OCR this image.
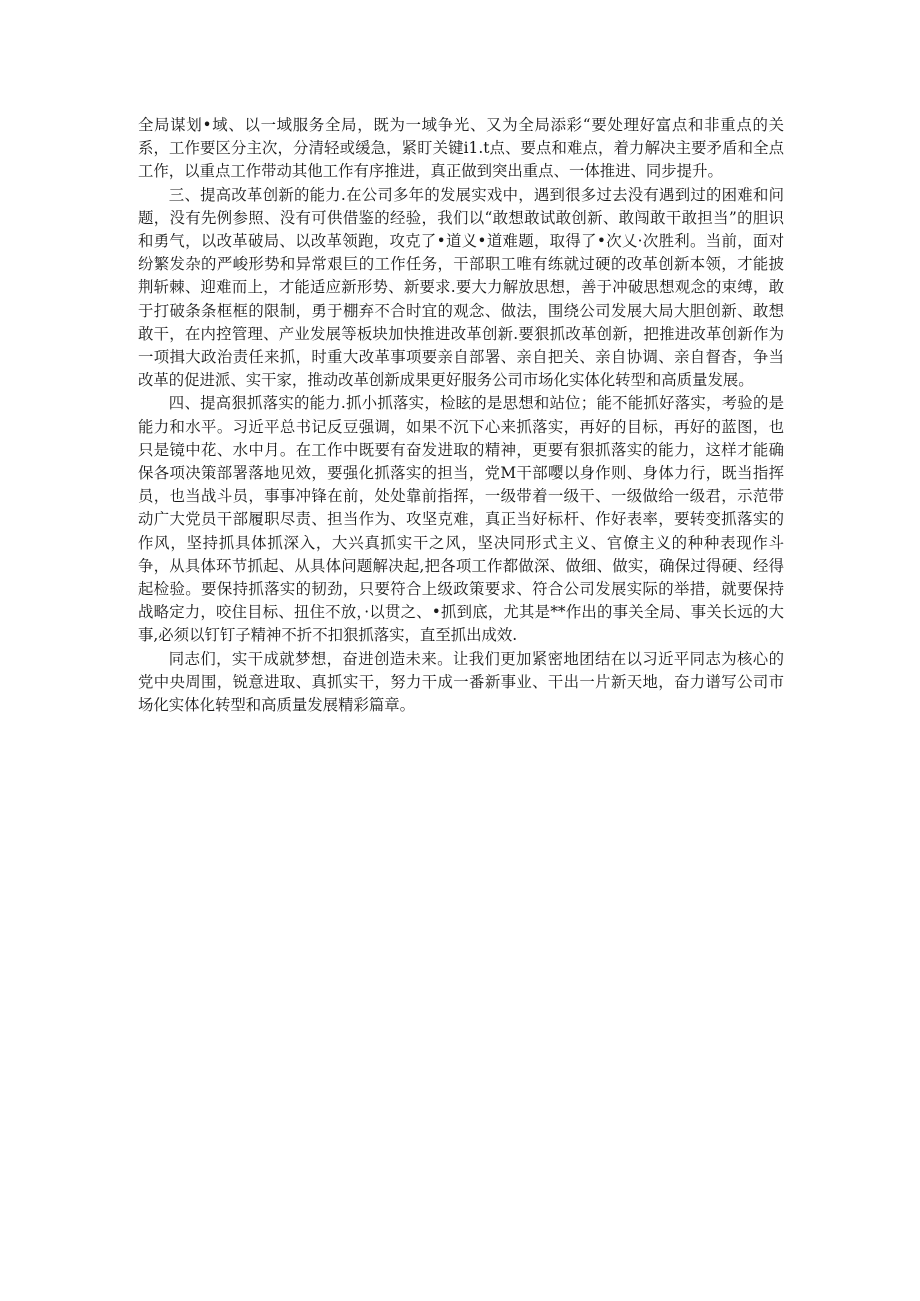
全局谋划•域、以一域服务全局，既为一域争光、又为全局添彩“要处理好富点和非重点的关系，工作要区分主次，分清轻或缓急，紧盯关键i1.t点、要点和难点，着力解决主要矛盾和全点工作，以重点工作带动其他工作有序推进，真正做到突出重点、一体推进、同步提升。

三、提高改革创新的能力.在公司多年的发展实戏中，遇到很多过去没有遇到过的困难和问题，没有先例参照、没有可供借鉴的经验，我们以“敢想敢试敢创新、敢闯敢干敢担当”的胆识和勇气，以改革破局、以改革领跑，攻克了•道义•道难题，取得了•次乂·次胜利。当前，面对纷繁发杂的严峻形势和异常艰巨的工作任务，干部职工唯有练就过硬的改革创新本领，才能披荆斩棘、迎难而上，才能适应新形势、新要求.要大力解放思想，善于冲破思想观念的束缚，敢于打破条条框框的限制，勇于棚弃不合时宜的观念、做法，围绕公司发展大局大胆创新、敢想敢干，在内控管理、产业发展等板块加快推进改革创新.要狠抓改革创新，把推进改革创新作为一项揖大政治责任来抓，时重大改革事项要亲自部署、亲自把关、亲自协调、亲自督杳，争当改革的促进派、实干家，推动改革创新成果更好服务公司市场化实体化转型和高质量发展。

四、提高狠抓落实的能力.抓小抓落实，检眩的是思想和站位；能不能抓好落实，考验的是能力和水平。习近平总书记反豆强调，如果不沉下心来抓落实，再好的目标，再好的蓝图，也只是镜中花、水中月。在工作中既要有奋发进取的精神，更要有狠抓落实的能力，这样才能确保各项决策部署落地见效，要强化抓落实的担当，党M干部嘤以身作则、身体力行，既当指挥员，也当战斗员，事事冲锋在前，处处靠前指挥，一级带着一级干、一级做给一级君，示范带动广大党员干部履职尽责、担当作为、攻坚克难，真正当好标杆、作好表率，要转变抓落实的作风，坚持抓具体抓深入，大兴真抓实干之风，坚决同形式主义、官僚主义的种种表现作斗争，从具体环节抓起、从具体问题解决起,把各项工作都做深、做细、做实，确保过得硬、经得起检验。要保持抓落实的韧劲，只要符合上级政策要求、符合公司发展实际的举措，就要保持战略定力，咬住目标、扭住不放，·以贯之、•抓到底，尤其是**作出的事关全局、事关长远的大事,必须以钉钉子精神不折不扣狠抓落实，直至抓出成效.

同志们，实干成就梦想，奋进创造未来。让我们更加紧密地团结在以习近平同志为核心的党中央周围，锐意进取、真抓实干，努力干成一番新事业、干出一片新天地，奋力谱写公司市场化实体化转型和高质量发展精彩篇章。
